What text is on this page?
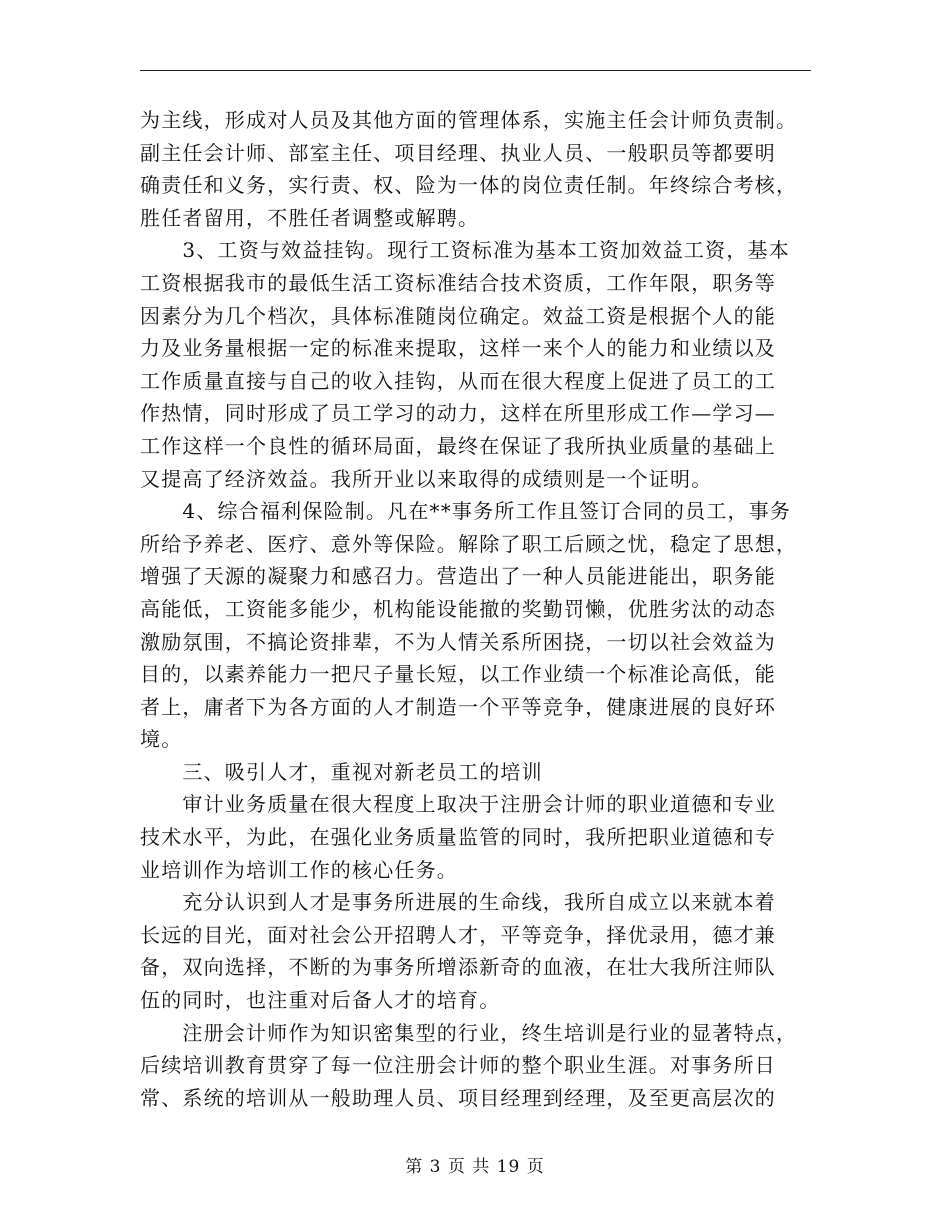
为主线，形成对人员及其他方面的管理体系，实施主任会计师负责制。
副主任会计师、部室主任、项目经理、执业人员、一般职员等都要明
确责任和义务，实行责、权、险为一体的岗位责任制。年终综合考核，
胜任者留用，不胜任者调整或解聘。
　　3、工资与效益挂钩。现行工资标准为基本工资加效益工资，基本
工资根据我市的最低生活工资标准结合技术资质，工作年限，职务等
因素分为几个档次，具体标准随岗位确定。效益工资是根据个人的能
力及业务量根据一定的标准来提取，这样一来个人的能力和业绩以及
工作质量直接与自己的收入挂钩，从而在很大程度上促进了员工的工
作热情，同时形成了员工学习的动力，这样在所里形成工作—学习—
工作这样一个良性的循环局面，最终在保证了我所执业质量的基础上
又提高了经济效益。我所开业以来取得的成绩则是一个证明。
　　4、综合福利保险制。凡在**事务所工作且签订合同的员工，事务
所给予养老、医疗、意外等保险。解除了职工后顾之忧，稳定了思想，
增强了天源的凝聚力和感召力。营造出了一种人员能进能出，职务能
高能低，工资能多能少，机构能设能撤的奖勤罚懒，优胜劣汰的动态
激励氛围，不搞论资排辈，不为人情关系所困挠，一切以社会效益为
目的，以素养能力一把尺子量长短，以工作业绩一个标准论高低，能
者上，庸者下为各方面的人才制造一个平等竞争，健康进展的良好环
境。
　　三、吸引人才，重视对新老员工的培训
　　审计业务质量在很大程度上取决于注册会计师的职业道德和专业
技术水平，为此，在强化业务质量监管的同时，我所把职业道德和专
业培训作为培训工作的核心任务。
　　充分认识到人才是事务所进展的生命线，我所自成立以来就本着
长远的目光，面对社会公开招聘人才，平等竞争，择优录用，德才兼
备，双向选择，不断的为事务所增添新奇的血液，在壮大我所注师队
伍的同时，也注重对后备人才的培育。
　　注册会计师作为知识密集型的行业，终生培训是行业的显著特点，
后续培训教育贯穿了每一位注册会计师的整个职业生涯。对事务所日
常、系统的培训从一般助理人员、项目经理到经理，及至更高层次的
第 3 页 共 19 页
